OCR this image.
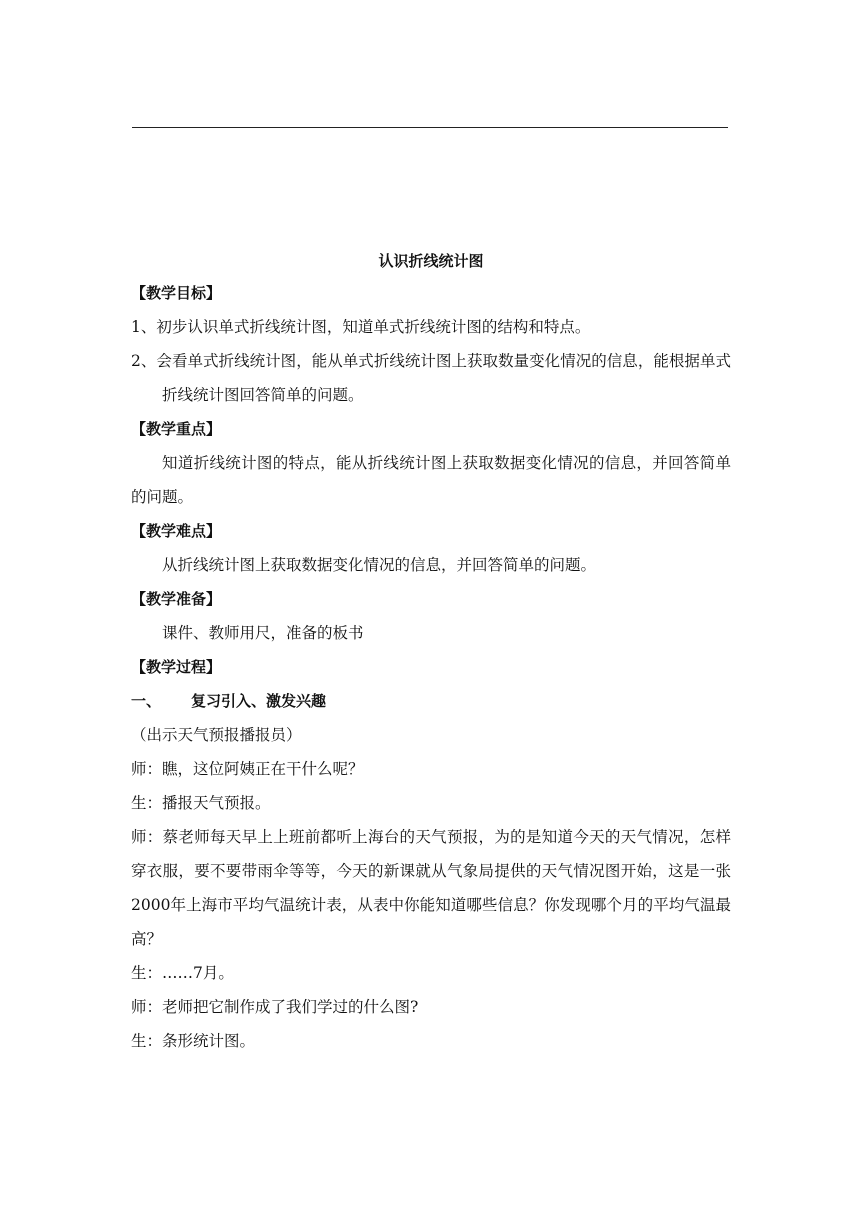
认识折线统计图
【教学目标】
1、初步认识单式折线统计图，知道单式折线统计图的结构和特点。
2、会看单式折线统计图，能从单式折线统计图上获取数量变化情况的信息，能根据单式折线统计图回答简单的问题。
【教学重点】
知道折线统计图的特点，能从折线统计图上获取数据变化情况的信息，并回答简单的问题。
【教学难点】
从折线统计图上获取数据变化情况的信息，并回答简单的问题。
【教学准备】
课件、教师用尺，准备的板书
【教学过程】
一、 复习引入、激发兴趣
（出示天气预报播报员）
师：瞧，这位阿姨正在干什么呢？
生：播报天气预报。
师：蔡老师每天早上上班前都听上海台的天气预报，为的是知道今天的天气情况，怎样穿衣服，要不要带雨伞等等，今天的新课就从气象局提供的天气情况图开始，这是一张2000年上海市平均气温统计表，从表中你能知道哪些信息？你发现哪个月的平均气温最高？
生：……7月。
师：老师把它制作成了我们学过的什么图?
生：条形统计图。
